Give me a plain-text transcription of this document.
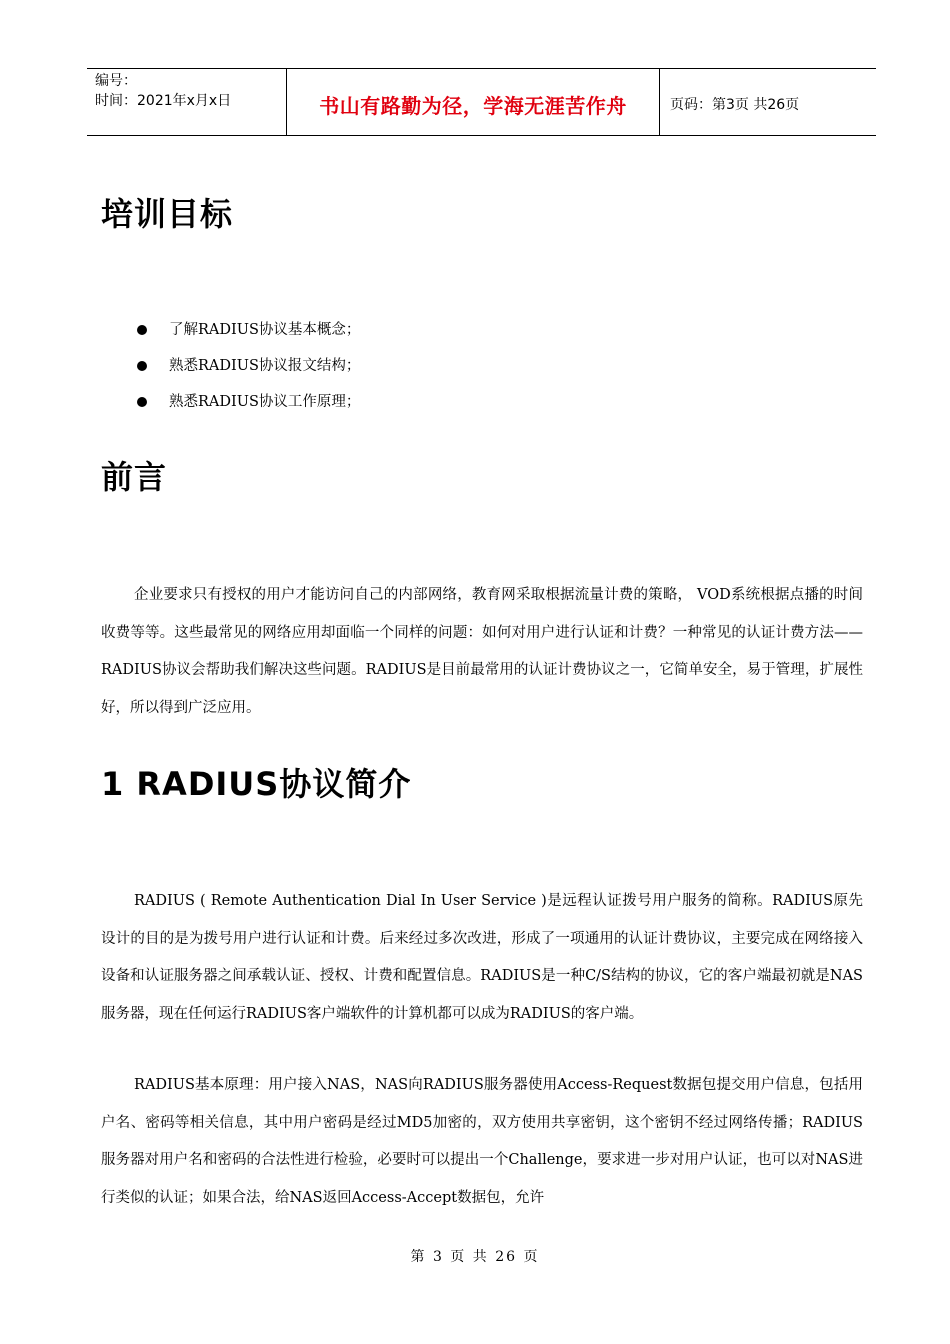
编号：
时间：2021年x月x日	书山有路勤为径，学海无涯苦作舟	页码：第3页 共26页
培训目标
了解RADIUS协议基本概念；
熟悉RADIUS协议报文结构；
熟悉RADIUS协议工作原理；
前言

企业要求只有授权的用户才能访问自己的内部网络，教育网采取根据流量计费的策略， VOD系统根据点播的时间收费等等。这些最常见的网络应用却面临一个同样的问题：如何对用户进行认证和计费？一种常见的认证计费方法——RADIUS协议会帮助我们解决这些问题。RADIUS是目前最常用的认证计费协议之一，它简单安全，易于管理，扩展性好，所以得到广泛应用。

1 RADIUS协议简介

RADIUS ( Remote Authentication Dial In User Service )是远程认证拨号用户服务的简称。RADIUS原先设计的目的是为拨号用户进行认证和计费。后来经过多次改进，形成了一项通用的认证计费协议，主要完成在网络接入设备和认证服务器之间承载认证、授权、计费和配置信息。RADIUS是一种C/S结构的协议，它的客户端最初就是NAS服务器，现在任何运行RADIUS客户端软件的计算机都可以成为RADIUS的客户端。

RADIUS基本原理：用户接入NAS，NAS向RADIUS服务器使用Access-Request数据包提交用户信息，包括用户名、密码等相关信息，其中用户密码是经过MD5加密的，双方使用共享密钥，这个密钥不经过网络传播；RADIUS服务器对用户名和密码的合法性进行检验，必要时可以提出一个Challenge，要求进一步对用户认证，也可以对NAS进行类似的认证；如果合法，给NAS返回Access-Accept数据包，允许

第 3 页 共 26 页
